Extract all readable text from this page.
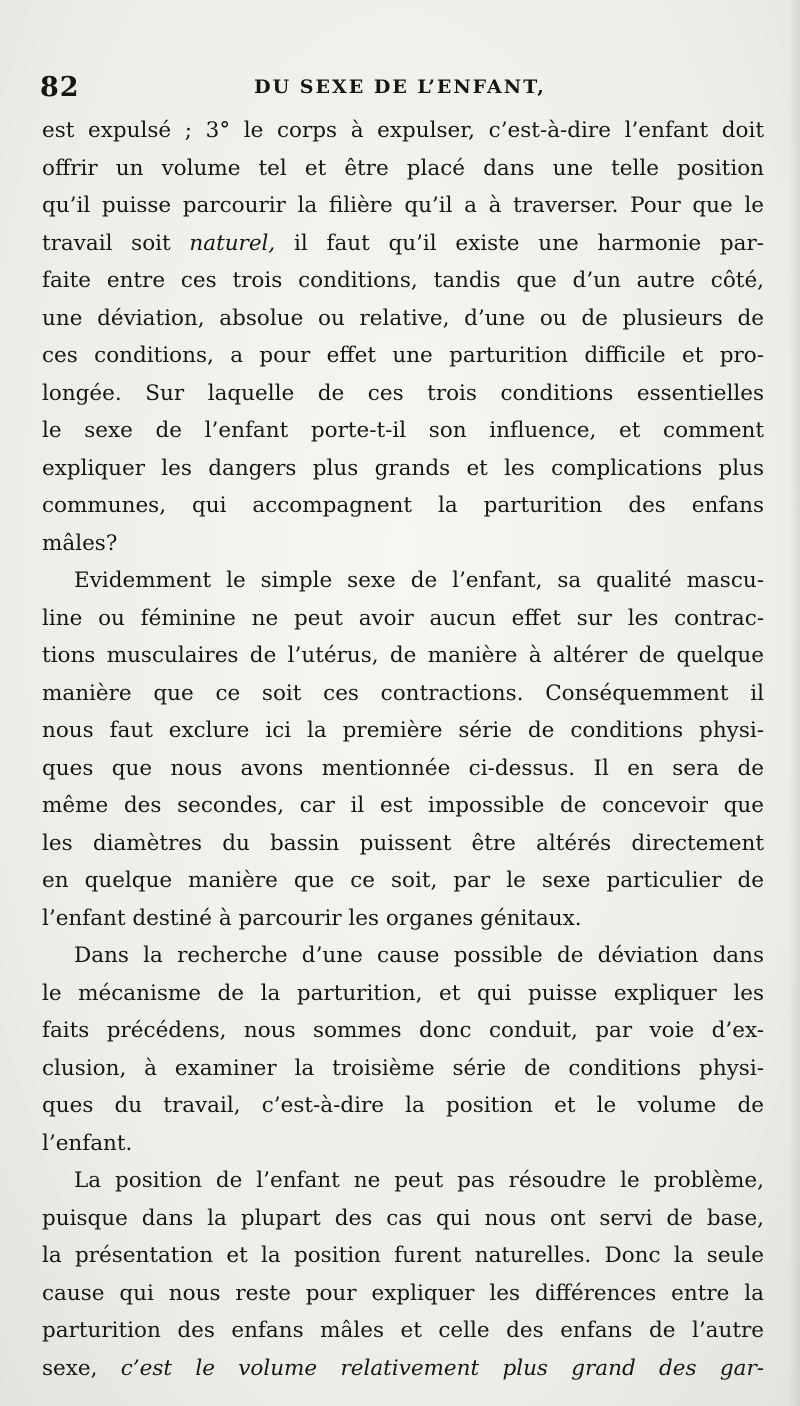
82	DU SEXE DE L’ENFANT,
est expulsé ; 3° le corps à expulser, c’est-à-dire l’enfant doit
offrir un volume tel et être placé dans une telle position
qu’il puisse parcourir la filière qu’il a à traverser. Pour que le
travail soit naturel, il faut qu’il existe une harmonie par-
faite entre ces trois conditions, tandis que d’un autre côté,
une déviation, absolue ou relative, d’une ou de plusieurs de
ces conditions, a pour effet une parturition difficile et pro-
longée. Sur laquelle de ces trois conditions essentielles
le sexe de l’enfant porte-t-il son influence, et comment
expliquer les dangers plus grands et les complications plus
communes, qui accompagnent la parturition des enfans
mâles?
Evidemment le simple sexe de l’enfant, sa qualité mascu-
line ou féminine ne peut avoir aucun effet sur les contrac-
tions musculaires de l’utérus, de manière à altérer de quelque
manière que ce soit ces contractions. Conséquemment il
nous faut exclure ici la première série de conditions physi-
ques que nous avons mentionnée ci-dessus. Il en sera de
même des secondes, car il est impossible de concevoir que
les diamètres du bassin puissent être altérés directement
en quelque manière que ce soit, par le sexe particulier de
l’enfant destiné à parcourir les organes génitaux.
Dans la recherche d’une cause possible de déviation dans
le mécanisme de la parturition, et qui puisse expliquer les
faits précédens, nous sommes donc conduit, par voie d’ex-
clusion, à examiner la troisième série de conditions physi-
ques du travail, c’est-à-dire la position et le volume de
l’enfant.
La position de l’enfant ne peut pas résoudre le problème,
puisque dans la plupart des cas qui nous ont servi de base,
la présentation et la position furent naturelles. Donc la seule
cause qui nous reste pour expliquer les différences entre la
parturition des enfans mâles et celle des enfans de l’autre
sexe, c’est le volume relativement plus grand des gar-
